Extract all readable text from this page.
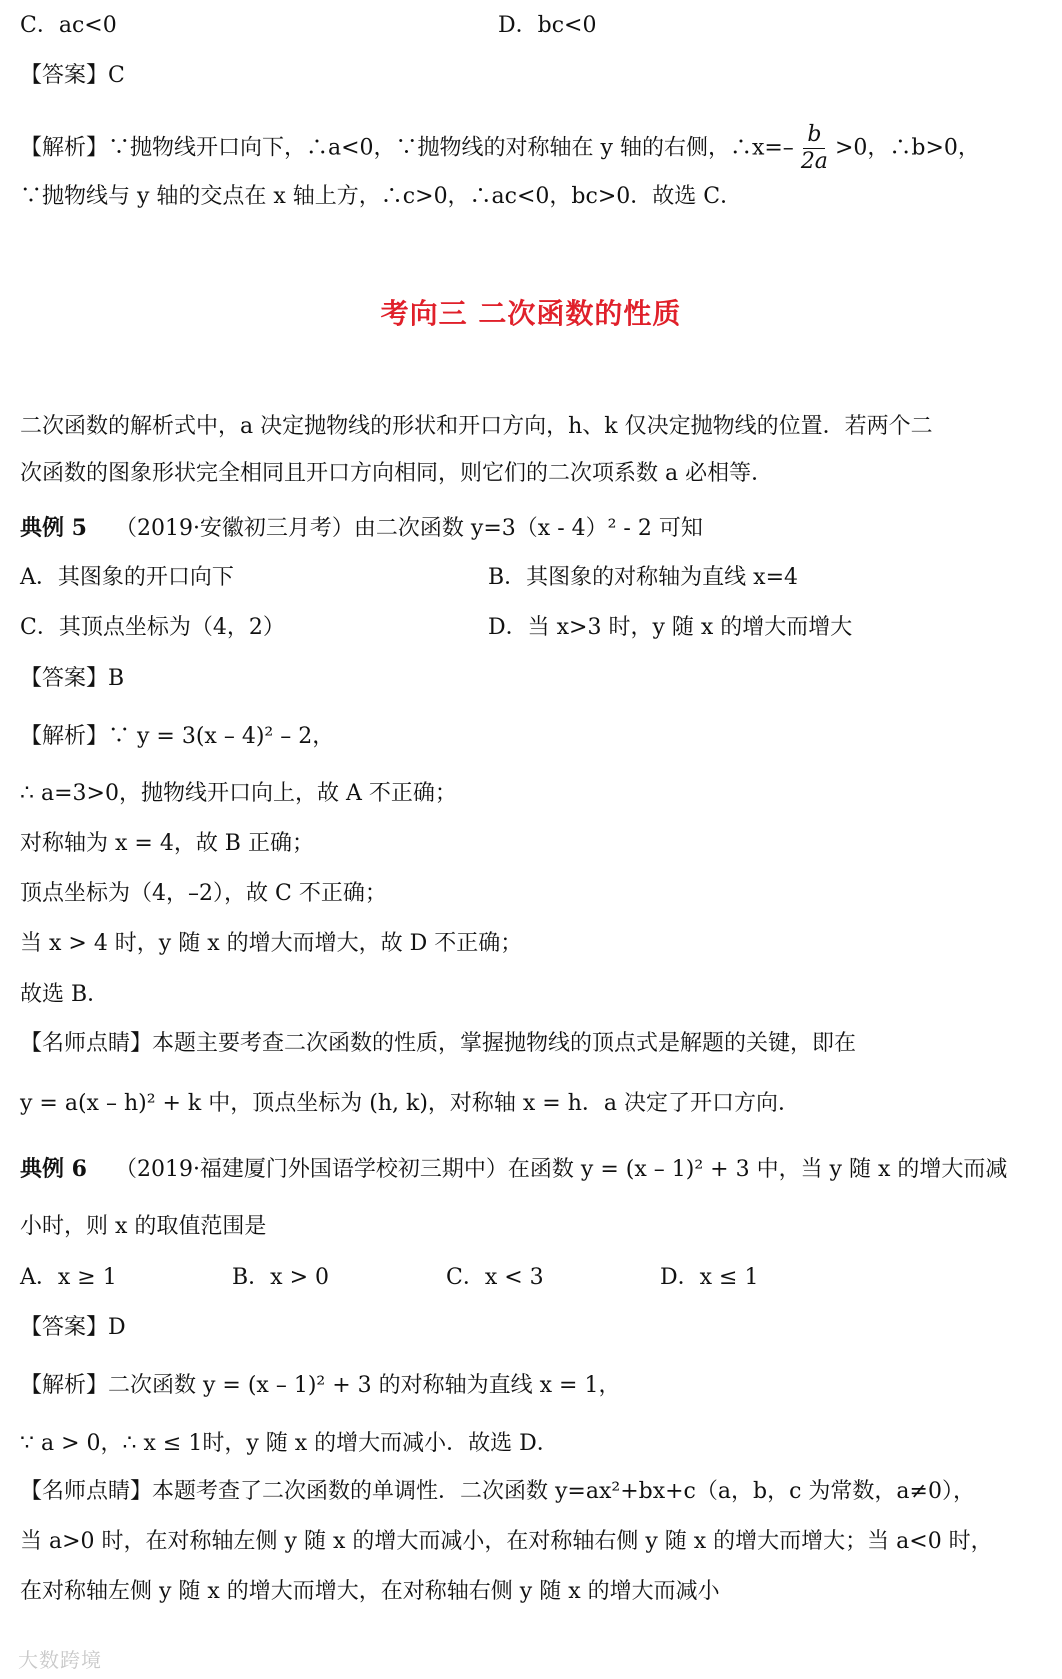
C．ac<0	D．bc<0
【答案】C
【解析】∵抛物线开口向下，∴a<0，∵抛物线的对称轴在 y 轴的右侧，∴x=– $\frac{b}{2a} >0$，∴b>0，
∵抛物线与 y 轴的交点在 x 轴上方，∴c>0，∴ac<0，bc>0．故选 C．
考向三 二次函数的性质
二次函数的解析式中，a 决定抛物线的形状和开口方向，h、k 仅决定抛物线的位置．若两个二
次函数的图象形状完全相同且开口方向相同，则它们的二次项系数 a 必相等．
典例 5 （2019·安徽初三月考）由二次函数 y=3（x - 4）² - 2 可知
A．其图象的开口向下	B．其图象的对称轴为直线 x=4
C．其顶点坐标为（4，2）	D．当 x>3 时，y 随 x 的增大而增大
【答案】B
【解析】∵ y = 3(x – 4)² – 2，
∴ a=3>0，抛物线开口向上，故 A 不正确；
对称轴为 x = 4，故 B 正确；
顶点坐标为（4，–2），故 C 不正确；
当 x > 4 时，y 随 x 的增大而增大，故 D 不正确；
故选 B．
【名师点睛】本题主要考查二次函数的性质，掌握抛物线的顶点式是解题的关键，即在
y = a(x – h)² + k 中，顶点坐标为 (h, k)，对称轴 x = h．a 决定了开口方向．
典例 6 （2019·福建厦门外国语学校初三期中）在函数 y = (x – 1)² + 3 中，当 y 随 x 的增大而减
小时，则 x 的取值范围是
A．x ≥ 1	B．x > 0	C．x < 3	D．x ≤ 1
【答案】D
【解析】二次函数 y = (x – 1)² + 3 的对称轴为直线 x = 1，
∵ a > 0，∴ x ≤ 1时，y 随 x 的增大而减小．故选 D．
【名师点睛】本题考查了二次函数的单调性．二次函数 y=ax²+bx+c（a，b，c 为常数，a≠0），
当 a>0 时，在对称轴左侧 y 随 x 的增大而减小，在对称轴右侧 y 随 x 的增大而增大；当 a<0 时，
在对称轴左侧 y 随 x 的增大而增大，在对称轴右侧 y 随 x 的增大而减小
大数跨境
